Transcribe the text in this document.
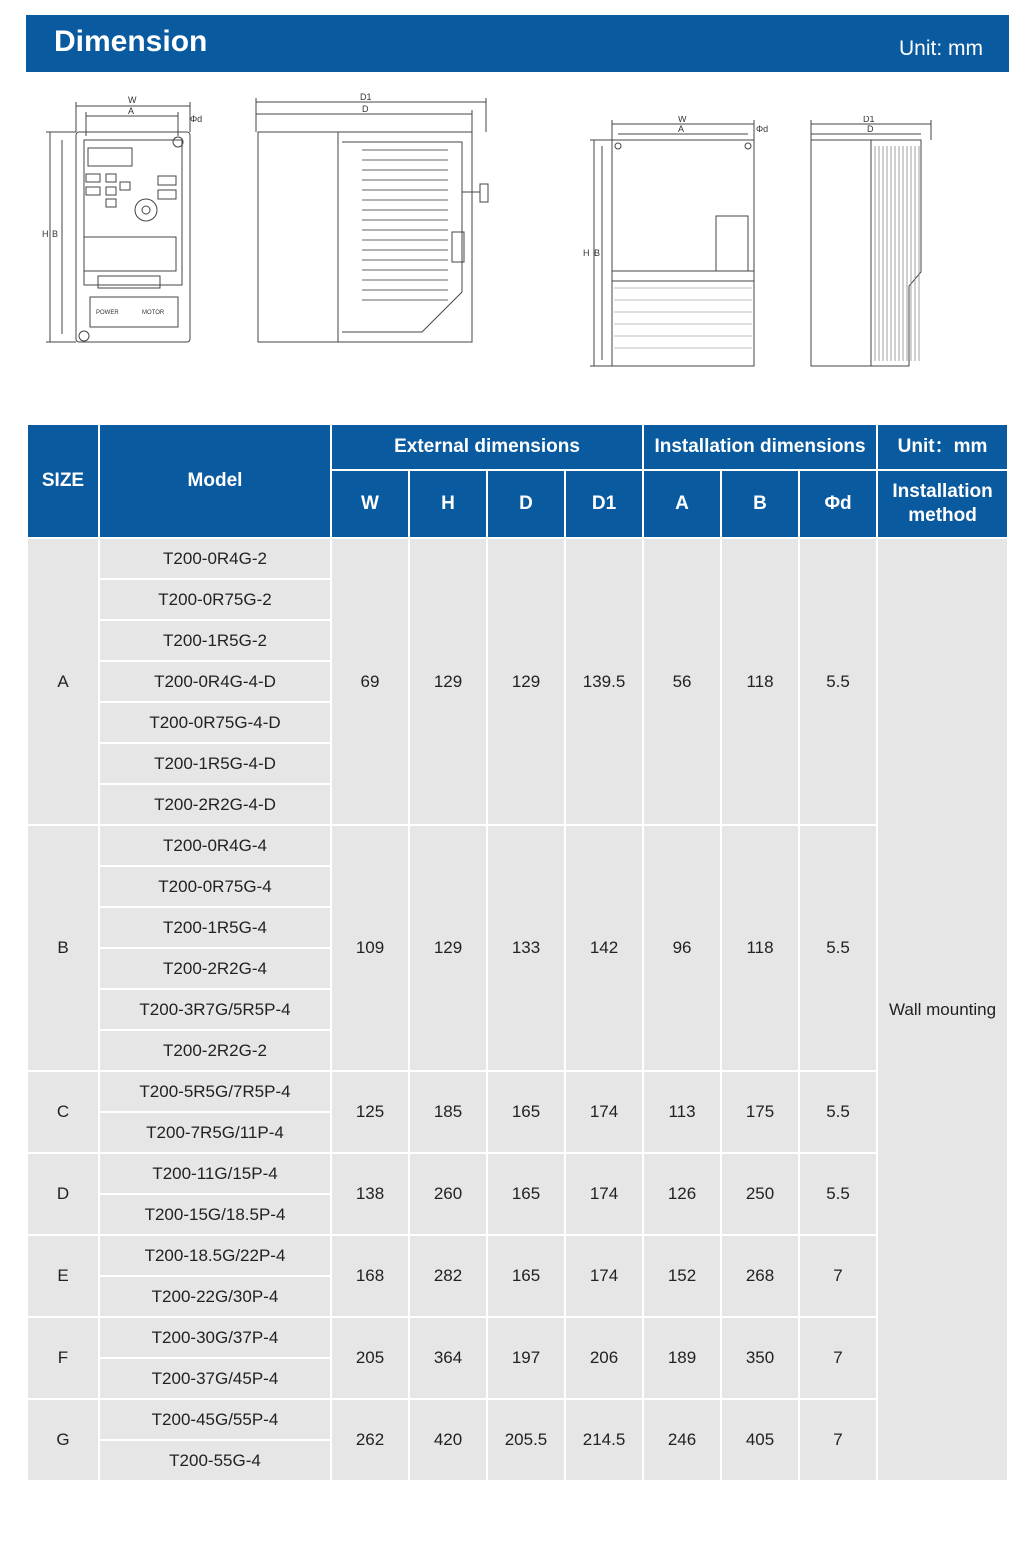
Dimension	Unit: mm
W
A
Φd
H B
POWER	MOTOR
D1
D
W
A	Φd
H B
D1
D
SIZE	Model	External dimensions				Installation dimensions			Unit：mm
		W	H	D	D1	A	B	Φd	Installation method
A	T200-0R4G-2	69	129	129	139.5	56	118	5.5	Wall mounting
	T200-0R75G-2								
	T200-1R5G-2								
	T200-0R4G-4-D								
	T200-0R75G-4-D								
	T200-1R5G-4-D								
	T200-2R2G-4-D								
B	T200-0R4G-4	109	129	133	142	96	118	5.5	
	T200-0R75G-4								
	T200-1R5G-4								
	T200-2R2G-4								
	T200-3R7G/5R5P-4								
	T200-2R2G-2								
C	T200-5R5G/7R5P-4	125	185	165	174	113	175	5.5	
	T200-7R5G/11P-4								
D	T200-11G/15P-4	138	260	165	174	126	250	5.5	
	T200-15G/18.5P-4								
E	T200-18.5G/22P-4	168	282	165	174	152	268	7	
	T200-22G/30P-4								
F	T200-30G/37P-4	205	364	197	206	189	350	7	
	T200-37G/45P-4								
G	T200-45G/55P-4	262	420	205.5	214.5	246	405	7	
	T200-55G-4								
